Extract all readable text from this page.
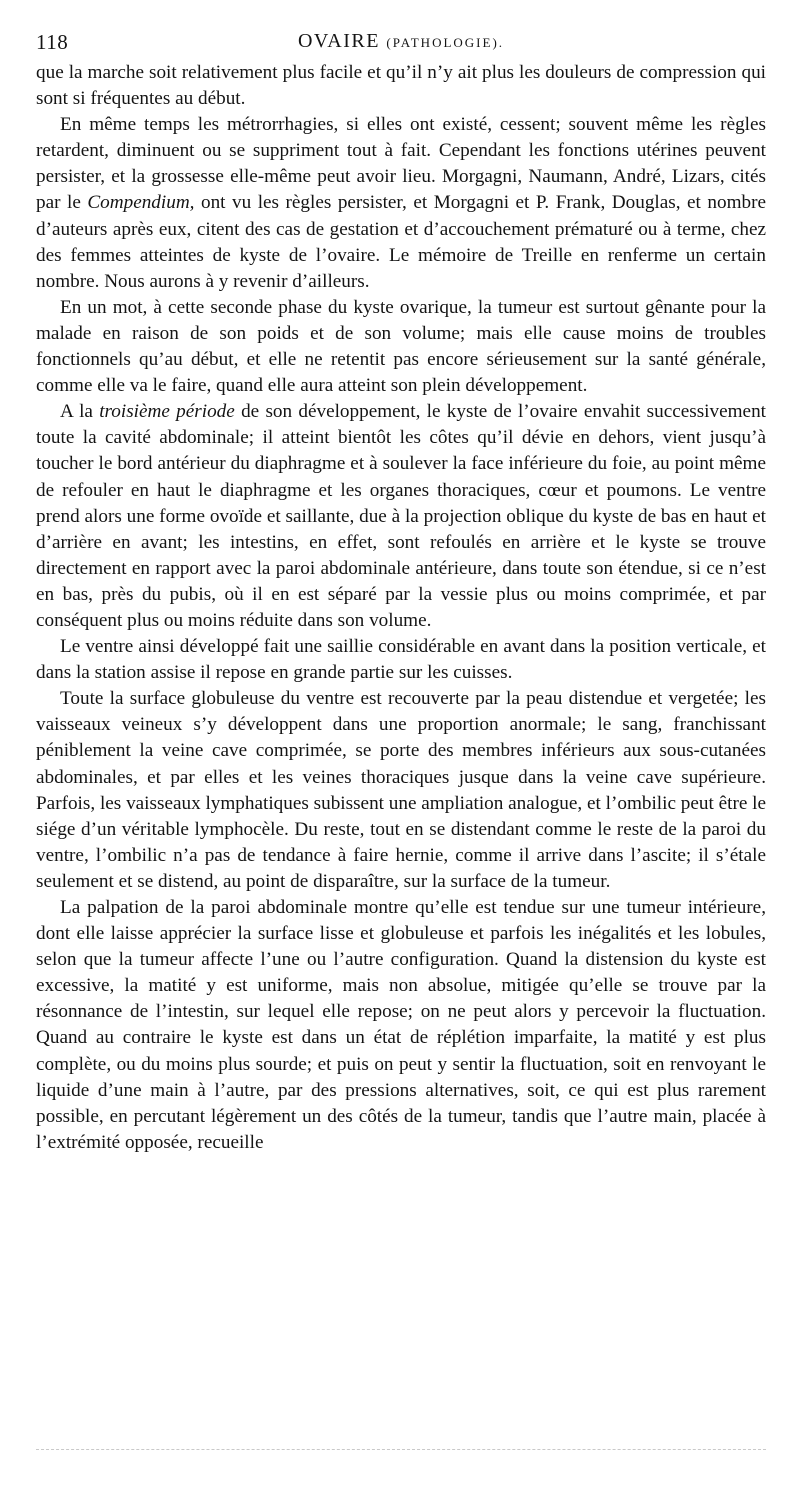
118	OVAIRE (PATHOLOGIE).

que la marche soit relativement plus facile et qu’il n’y ait plus les douleurs de compression qui sont si fréquentes au début.

En même temps les métrorrhagies, si elles ont existé, cessent; souvent même les règles retardent, diminuent ou se suppriment tout à fait. Cependant les fonctions utérines peuvent persister, et la grossesse elle-même peut avoir lieu. Morgagni, Naumann, André, Lizars, cités par le Compendium, ont vu les règles persister, et Morgagni et P. Frank, Douglas, et nombre d’auteurs après eux, citent des cas de gestation et d’accouchement prématuré ou à terme, chez des femmes atteintes de kyste de l’ovaire. Le mémoire de Treille en renferme un certain nombre. Nous aurons à y revenir d’ailleurs.

En un mot, à cette seconde phase du kyste ovarique, la tumeur est surtout gênante pour la malade en raison de son poids et de son volume; mais elle cause moins de troubles fonctionnels qu’au début, et elle ne retentit pas encore sérieusement sur la santé générale, comme elle va le faire, quand elle aura atteint son plein développement.

A la troisième période de son développement, le kyste de l’ovaire envahit successivement toute la cavité abdominale; il atteint bientôt les côtes qu’il dévie en dehors, vient jusqu’à toucher le bord antérieur du diaphragme et à soulever la face inférieure du foie, au point même de refouler en haut le diaphragme et les organes thoraciques, cœur et poumons. Le ventre prend alors une forme ovoïde et saillante, due à la projection oblique du kyste de bas en haut et d’arrière en avant; les intestins, en effet, sont refoulés en arrière et le kyste se trouve directement en rapport avec la paroi abdominale antérieure, dans toute son étendue, si ce n’est en bas, près du pubis, où il en est séparé par la vessie plus ou moins comprimée, et par conséquent plus ou moins réduite dans son volume.

Le ventre ainsi développé fait une saillie considérable en avant dans la position verticale, et dans la station assise il repose en grande partie sur les cuisses.

Toute la surface globuleuse du ventre est recouverte par la peau distendue et vergetée; les vaisseaux veineux s’y développent dans une proportion anormale; le sang, franchissant péniblement la veine cave comprimée, se porte des membres inférieurs aux sous-cutanées abdominales, et par elles et les veines thoraciques jusque dans la veine cave supérieure. Parfois, les vaisseaux lymphatiques subissent une ampliation analogue, et l’ombilic peut être le siége d’un véritable lymphocèle. Du reste, tout en se distendant comme le reste de la paroi du ventre, l’ombilic n’a pas de tendance à faire hernie, comme il arrive dans l’ascite; il s’étale seulement et se distend, au point de disparaître, sur la surface de la tumeur.

La palpation de la paroi abdominale montre qu’elle est tendue sur une tumeur intérieure, dont elle laisse apprécier la surface lisse et globuleuse et parfois les inégalités et les lobules, selon que la tumeur affecte l’une ou l’autre configuration. Quand la distension du kyste est excessive, la matité y est uniforme, mais non absolue, mitigée qu’elle se trouve par la résonnance de l’intestin, sur lequel elle repose; on ne peut alors y percevoir la fluctuation. Quand au contraire le kyste est dans un état de réplétion imparfaite, la matité y est plus complète, ou du moins plus sourde; et puis on peut y sentir la fluctuation, soit en renvoyant le liquide d’une main à l’autre, par des pressions alternatives, soit, ce qui est plus rarement possible, en percutant légèrement un des côtés de la tumeur, tandis que l’autre main, placée à l’extrémité opposée, recueille
